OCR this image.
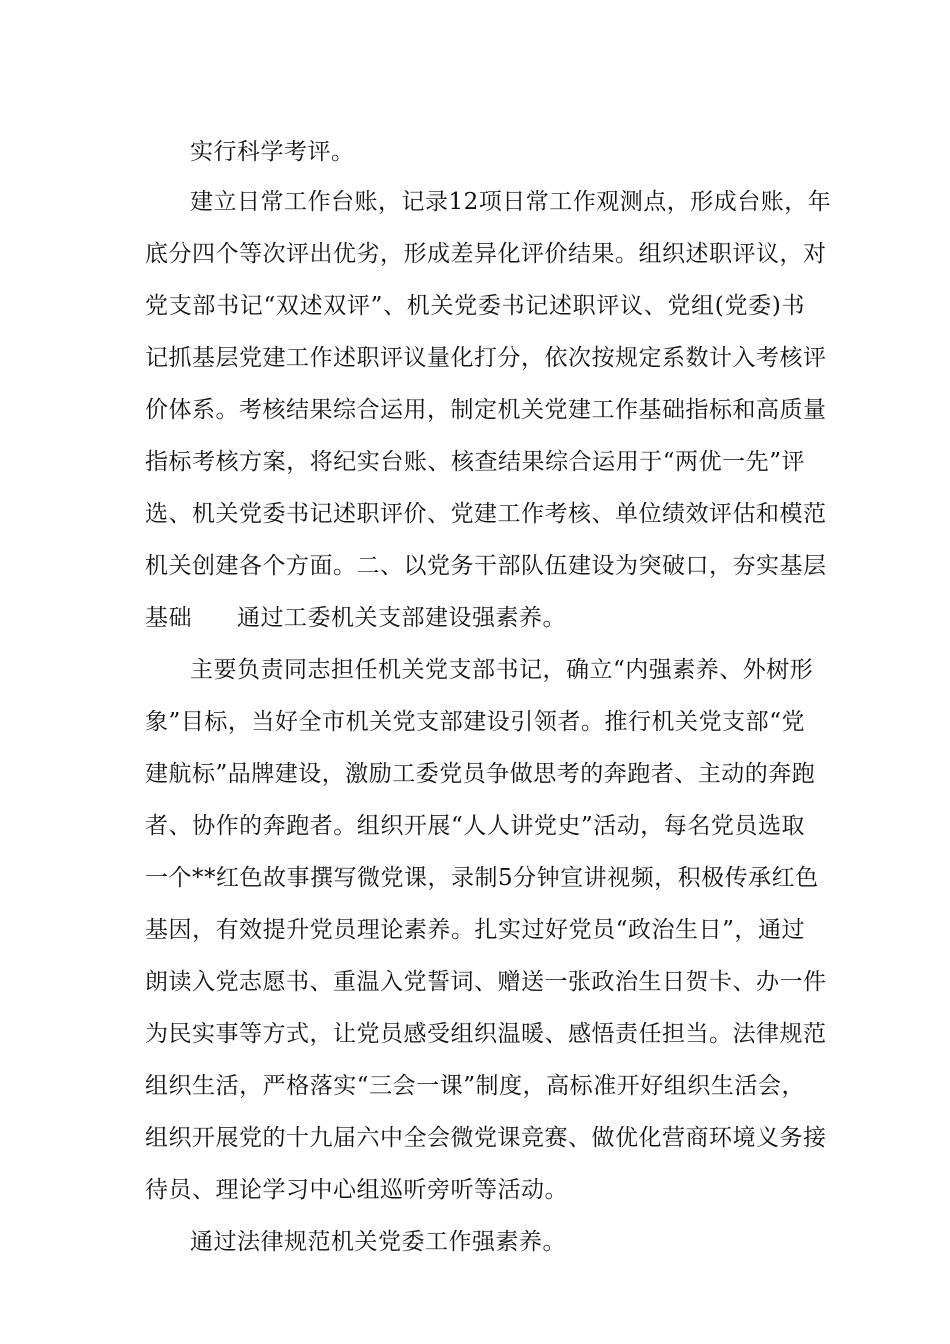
实行科学考评。

建立日常工作台账，记录12项日常工作观测点，形成台账，年

底分四个等次评出优劣，形成差异化评价结果。组织述职评议，对

党支部书记“双述双评”、机关党委书记述职评议、党组(党委)书

记抓基层党建工作述职评议量化打分，依次按规定系数计入考核评

价体系。考核结果综合运用，制定机关党建工作基础指标和高质量

指标考核方案，将纪实台账、核查结果综合运用于“两优一先”评

选、机关党委书记述职评价、党建工作考核、单位绩效评估和模范

机关创建各个方面。二、以党务干部队伍建设为突破口，夯实基层

基础 通过工委机关支部建设强素养。

主要负责同志担任机关党支部书记，确立“内强素养、外树形

象”目标，当好全市机关党支部建设引领者。推行机关党支部“党

建航标”品牌建设，激励工委党员争做思考的奔跑者、主动的奔跑

者、协作的奔跑者。组织开展“人人讲党史”活动，每名党员选取

一个**红色故事撰写微党课，录制5分钟宣讲视频，积极传承红色

基因，有效提升党员理论素养。扎实过好党员“政治生日”，通过

朗读入党志愿书、重温入党誓词、赠送一张政治生日贺卡、办一件

为民实事等方式，让党员感受组织温暖、感悟责任担当。法律规范

组织生活，严格落实“三会一课”制度，高标准开好组织生活会，

组织开展党的十九届六中全会微党课竞赛、做优化营商环境义务接

待员、理论学习中心组巡听旁听等活动。

通过法律规范机关党委工作强素养。
